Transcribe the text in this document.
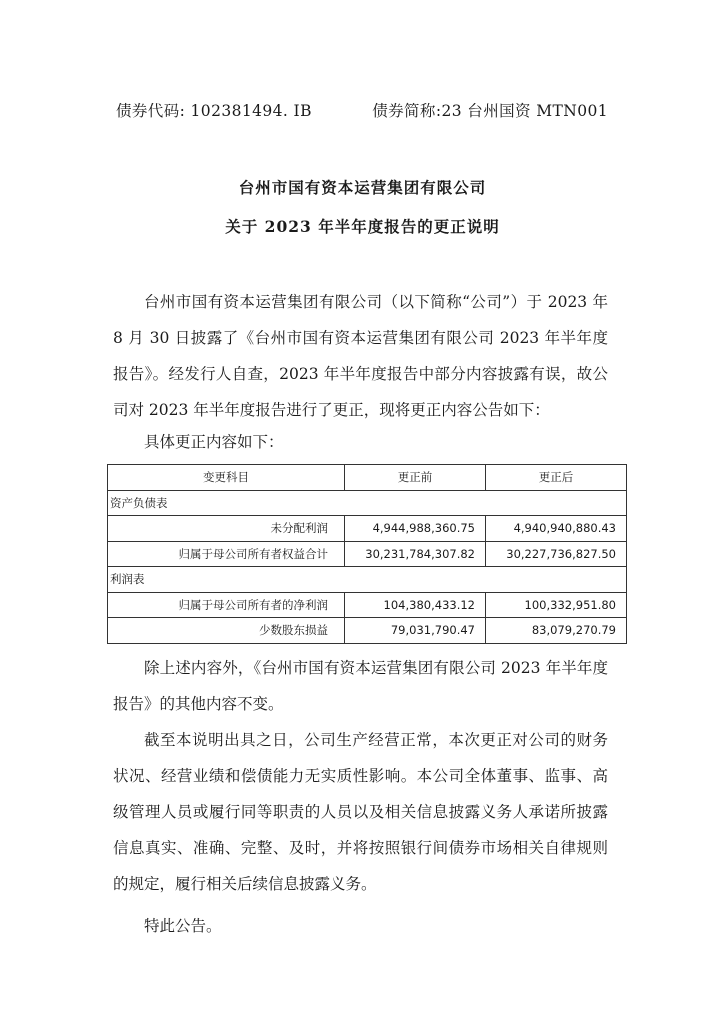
债券代码: 102381494. IB	债券简称:23 台州国资 MTN001
台州市国有资本运营集团有限公司
关于 2023 年半年度报告的更正说明
台州市国有资本运营集团有限公司（以下简称“公司”）于 2023 年 8 月 30 日披露了《台州市国有资本运营集团有限公司 2023 年半年度报告》。经发行人自查，2023 年半年度报告中部分内容披露有误，故公司对 2023 年半年度报告进行了更正，现将更正内容公告如下：
具体更正内容如下：
变更科目	更正前	更正后
资产负债表		
未分配利润	4,944,988,360.75	4,940,940,880.43
归属于母公司所有者权益合计	30,231,784,307.82	30,227,736,827.50
利润表		
归属于母公司所有者的净利润	104,380,433.12	100,332,951.80
少数股东损益	79,031,790.47	83,079,270.79
除上述内容外，《台州市国有资本运营集团有限公司 2023 年半年度报告》的其他内容不变。
截至本说明出具之日，公司生产经营正常，本次更正对公司的财务状况、经营业绩和偿债能力无实质性影响。本公司全体董事、监事、高级管理人员或履行同等职责的人员以及相关信息披露义务人承诺所披露信息真实、准确、完整、及时，并将按照银行间债券市场相关自律规则的规定，履行相关后续信息披露义务。
特此公告。
